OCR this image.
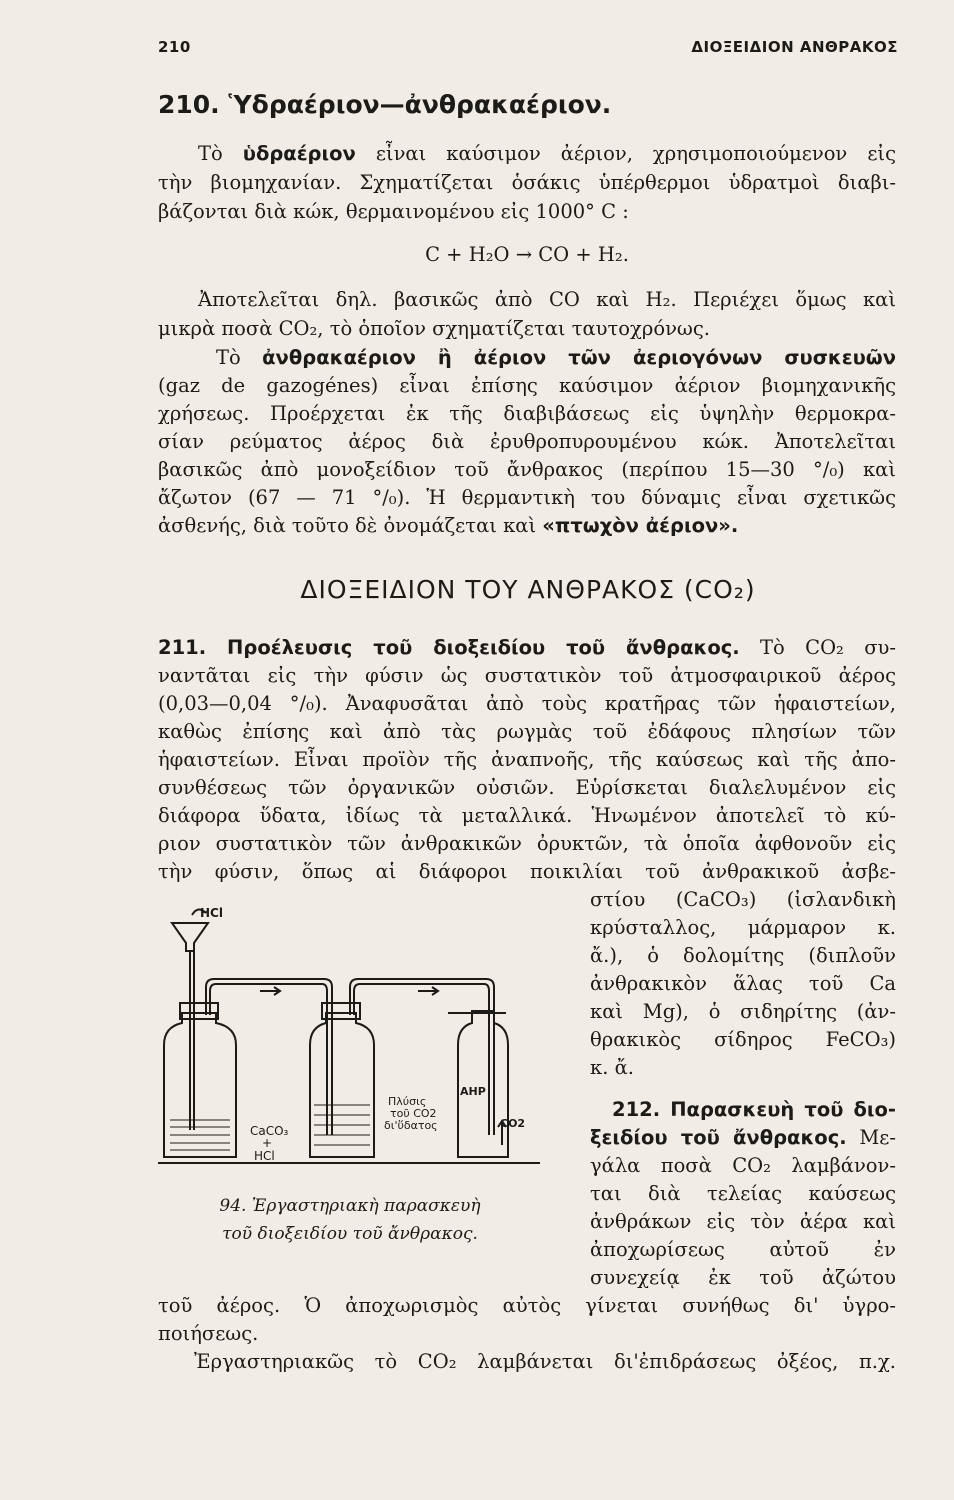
210	ΔΙΟΞΕΙΔΙΟΝ ΑΝΘΡΑΚΟΣ
210. Ὑδραέριον—ἀνθρακαέριον.
Τὸ ὑδραέριον εἶναι καύσιμον ἀέριον, χρησιμοποιούμενον εἰς
τὴν βιομηχανίαν. Σχηματίζεται ὁσάκις ὑπέρθερμοι ὑδρατμοὶ διαβι-
βάζονται διὰ κώκ, θερμαινομένου εἰς 1000° C :
C + H₂O → CO + H₂.
Ἀποτελεῖται δηλ. βασικῶς ἀπὸ CO καὶ H₂. Περιέχει ὅμως καὶ
μικρὰ ποσὰ CO₂, τὸ ὁποῖον σχηματίζεται ταυτοχρόνως.
Τὸ ἀνθρακαέριον ἢ ἀέριον τῶν ἀεριογόνων συσκευῶν
(gaz de gazogénes) εἶναι ἐπίσης καύσιμον ἀέριον βιομηχανικῆς
χρήσεως. Προέρχεται ἐκ τῆς διαβιβάσεως εἰς ὑψηλὴν θερμοκρα-
σίαν ρεύματος ἀέρος διὰ ἐρυθροπυρουμένου κώκ. Ἀποτελεῖται
βασικῶς ἀπὸ μονοξείδιον τοῦ ἄνθρακος (περίπου 15—30 °/₀) καὶ
ἄζωτον (67 — 71 °/₀). Ἡ θερμαντικὴ του δύναμις εἶναι σχετικῶς
ἀσθενής, διὰ τοῦτο δὲ ὀνομάζεται καὶ «πτωχὸν ἀέριον».
ΔΙΟΞΕΙΔΙΟΝ ΤΟΥ ΑΝΘΡΑΚΟΣ (CO₂)
211. Προέλευσις τοῦ διοξειδίου τοῦ ἄνθρακος. Τὸ CO₂ συ-
ναντᾶται εἰς τὴν φύσιν ὡς συστατικὸν τοῦ ἀτμοσφαιρικοῦ ἀέρος
(0,03—0,04 °/₀). Ἀναφυσᾶται ἀπὸ τοὺς κρατῆρας τῶν ἡφαιστείων,
καθὼς ἐπίσης καὶ ἀπὸ τὰς ρωγμὰς τοῦ ἐδάφους πλησίων τῶν
ἡφαιστείων. Εἶναι προϊὸν τῆς ἀναπνοῆς, τῆς καύσεως καὶ τῆς ἀπο-
συνθέσεως τῶν ὀργανικῶν οὐσιῶν. Εὑρίσκεται διαλελυμένον εἰς
διάφορα ὕδατα, ἰδίως τὰ μεταλλικά. Ἡνωμένον ἀποτελεῖ τὸ κύ-
ριον συστατικὸν τῶν ἀνθρακικῶν ὀρυκτῶν, τὰ ὁποῖα ἀφθονοῦν εἰς
τὴν φύσιν, ὅπως αἱ διάφοροι ποικιλίαι τοῦ ἀνθρακικοῦ ἀσβε-
στίου (CaCO₃) (ἰσλανδικὴ
κρύσταλλος, μάρμαρον κ.
ἄ.), ὁ δολομίτης (διπλοῦν
ἀνθρακικὸν ἅλας τοῦ Ca
καὶ Mg), ὁ σιδηρίτης (ἀν-
θρακικὸς σίδηρος FeCO₃)
κ. ἄ.
212. Παρασκευὴ τοῦ διο-
ξειδίου τοῦ ἄνθρακος. Με-
γάλα ποσὰ CO₂ λαμβάνον-
ται διὰ τελείας καύσεως
ἀνθράκων εἰς τὸν ἀέρα καὶ
ἀποχωρίσεως αὐτοῦ ἐν
συνεχείᾳ ἐκ τοῦ ἀζώτου
τοῦ ἀέρος. Ὁ ἀποχωρισμὸς αὐτὸς γίνεται συνήθως δι' ὑγρο-
ποιήσεως.
Ἐργαστηριακῶς τὸ CO₂ λαμβάνεται δι'ἐπιδράσεως ὀξέος, π.χ.
HCl
CaCO₃
+
HCl
Πλύσις
τοῦ CO2
δι'ὕδατος
ΑΗΡ
CO2
94. Ἐργαστηριακὴ παρασκευὴ
τοῦ διοξειδίου τοῦ ἄνθρακος.
